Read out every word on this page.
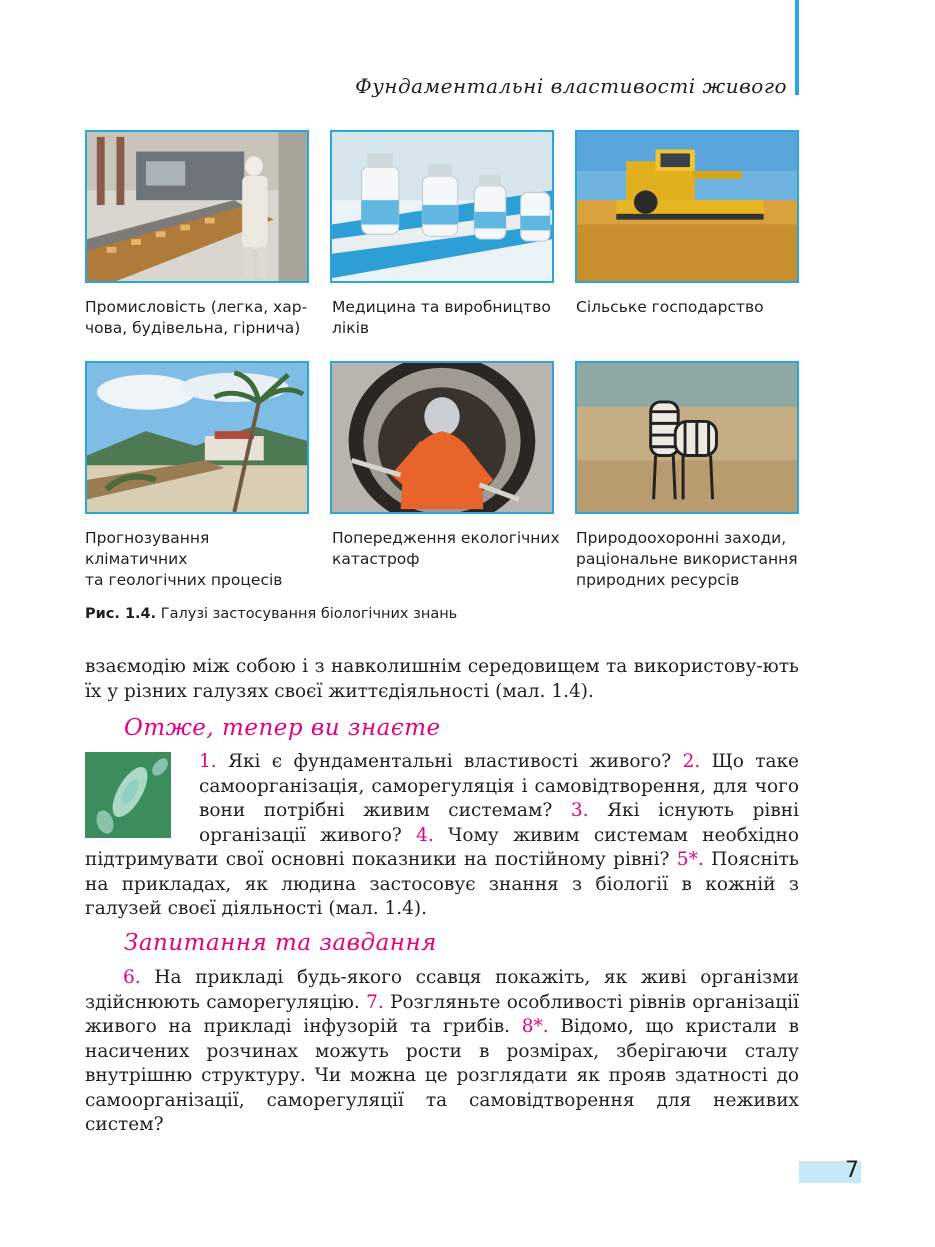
Фундаментальні властивості живого
Промисловість (легка, хар-
чова, будівельна, гірнича)
Медицина та виробництво
ліків
Сільське господарство
Прогнозування кліматичних
та геологічних процесів
Попередження екологічних
катастроф
Природоохоронні заходи,
раціональне використання
природних ресурсів
Рис. 1.4. Галузі застосування біологічних знань
взаємодію між собою і з навколишнім середовищем та використову-ють їх у різних галузях своєї життєдіяльності (мал. 1.4).
Отже, тепер ви знаєте
1. Які є фундаментальні властивості живого? 2. Що таке самоорганізація, саморегуляція і самовідтворення, для чого вони потрібні живим системам? 3. Які існують рівні організації живого? 4. Чому живим системам необхідно підтримувати свої основні показники на постійному рівні? 5*. Поясніть на прикладах, як людина застосовує знання з біології в кожній з галузей своєї діяльності (мал. 1.4).
Запитання та завдання
6. На прикладі будь-якого ссавця покажіть, як живі організми здійснюють саморегуляцію. 7. Розгляньте особливості рівнів організації живого на прикладі інфузорій та грибів. 8*. Відомо, що кристали в насичених розчинах можуть рости в розмірах, зберігаючи сталу внутрішню структуру. Чи можна це розглядати як прояв здатності до самоорганізації, саморегуляції та самовідтворення для неживих систем?
7
